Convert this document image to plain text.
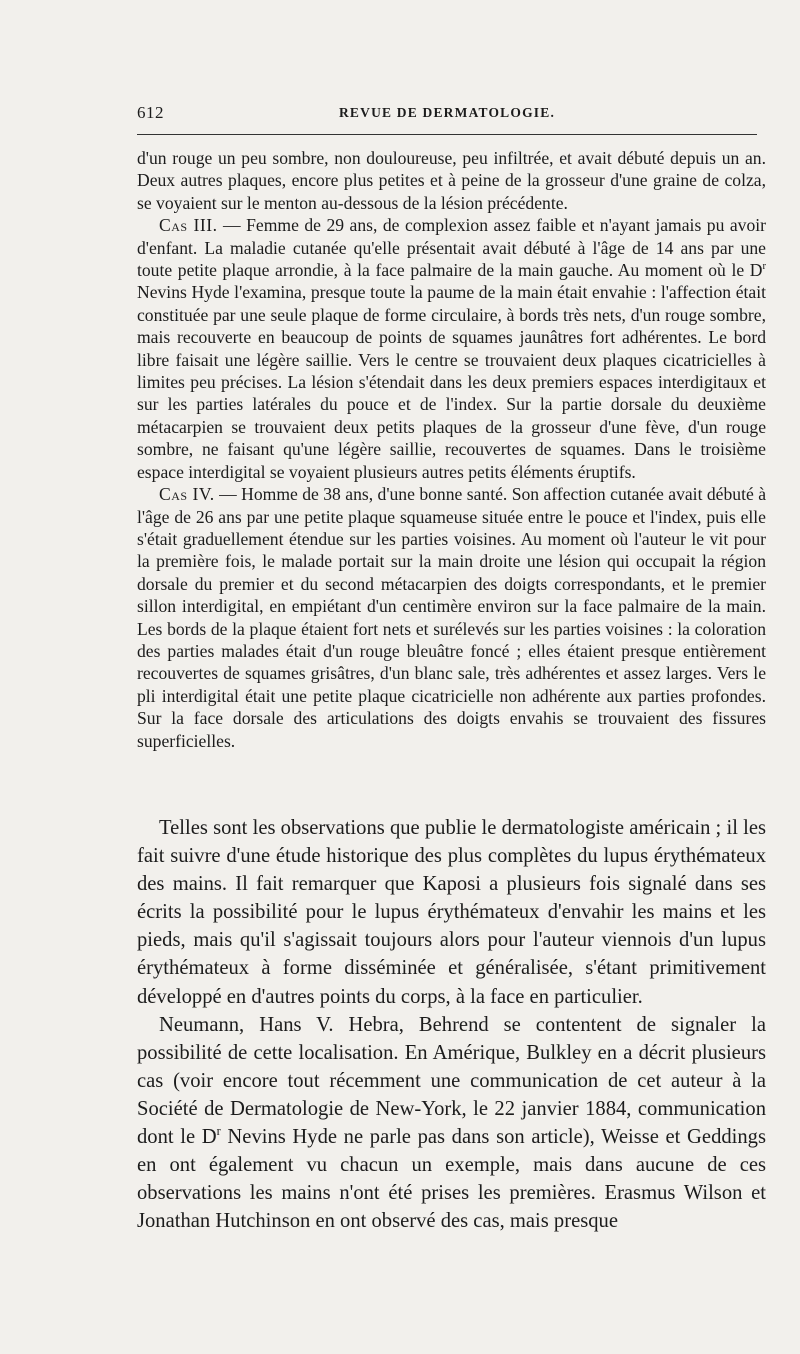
612	REVUE DE DERMATOLOGIE.

d'un rouge un peu sombre, non douloureuse, peu infiltrée, et avait débuté depuis un an. Deux autres plaques, encore plus petites et à peine de la grosseur d'une graine de colza, se voyaient sur le menton au-dessous de la lésion précédente.

Cas III. — Femme de 29 ans, de complexion assez faible et n'ayant jamais pu avoir d'enfant. La maladie cutanée qu'elle présentait avait débuté à l'âge de 14 ans par une toute petite plaque arrondie, à la face palmaire de la main gauche. Au moment où le $D^r$ Nevins Hyde l'examina, presque toute la paume de la main était envahie : l'affection était constituée par une seule plaque de forme circulaire, à bords très nets, d'un rouge sombre, mais recouverte en beaucoup de points de squames jaunâtres fort adhérentes. Le bord libre faisait une légère saillie. Vers le centre se trouvaient deux plaques cicatricielles à limites peu précises. La lésion s'étendait dans les deux premiers espaces interdigitaux et sur les parties latérales du pouce et de l'index. Sur la partie dorsale du deuxième métacarpien se trouvaient deux petits plaques de la grosseur d'une fève, d'un rouge sombre, ne faisant qu'une légère saillie, recouvertes de squames. Dans le troisième espace interdigital se voyaient plusieurs autres petits éléments éruptifs.

Cas IV. — Homme de 38 ans, d'une bonne santé. Son affection cutanée avait débuté à l'âge de 26 ans par une petite plaque squameuse située entre le pouce et l'index, puis elle s'était graduellement étendue sur les parties voisines. Au moment où l'auteur le vit pour la première fois, le malade portait sur la main droite une lésion qui occupait la région dorsale du premier et du second métacarpien des doigts correspondants, et le premier sillon interdigital, en empiétant d'un centimère environ sur la face palmaire de la main. Les bords de la plaque étaient fort nets et surélevés sur les parties voisines : la coloration des parties malades était d'un rouge bleuâtre foncé ; elles étaient presque entièrement recouvertes de squames grisâtres, d'un blanc sale, très adhérentes et assez larges. Vers le pli interdigital était une petite plaque cicatricielle non adhérente aux parties profondes. Sur la face dorsale des articulations des doigts envahis se trouvaient des fissures superficielles.

Telles sont les observations que publie le dermatologiste américain ; il les fait suivre d'une étude historique des plus complètes du lupus érythémateux des mains. Il fait remarquer que Kaposi a plusieurs fois signalé dans ses écrits la possibilité pour le lupus érythémateux d'envahir les mains et les pieds, mais qu'il s'agissait toujours alors pour l'auteur viennois d'un lupus érythémateux à forme disséminée et généralisée, s'étant primitivement développé en d'autres points du corps, à la face en particulier.

Neumann, Hans V. Hebra, Behrend se contentent de signaler la possibilité de cette localisation. En Amérique, Bulkley en a décrit plusieurs cas (voir encore tout récemment une communication de cet auteur à la Société de Dermatologie de New-York, le 22 janvier 1884, communication dont le $D^r$ Nevins Hyde ne parle pas dans son article), Weisse et Geddings en ont également vu chacun un exemple, mais dans aucune de ces observations les mains n'ont été prises les premières. Erasmus Wilson et Jonathan Hutchinson en ont observé des cas, mais presque
